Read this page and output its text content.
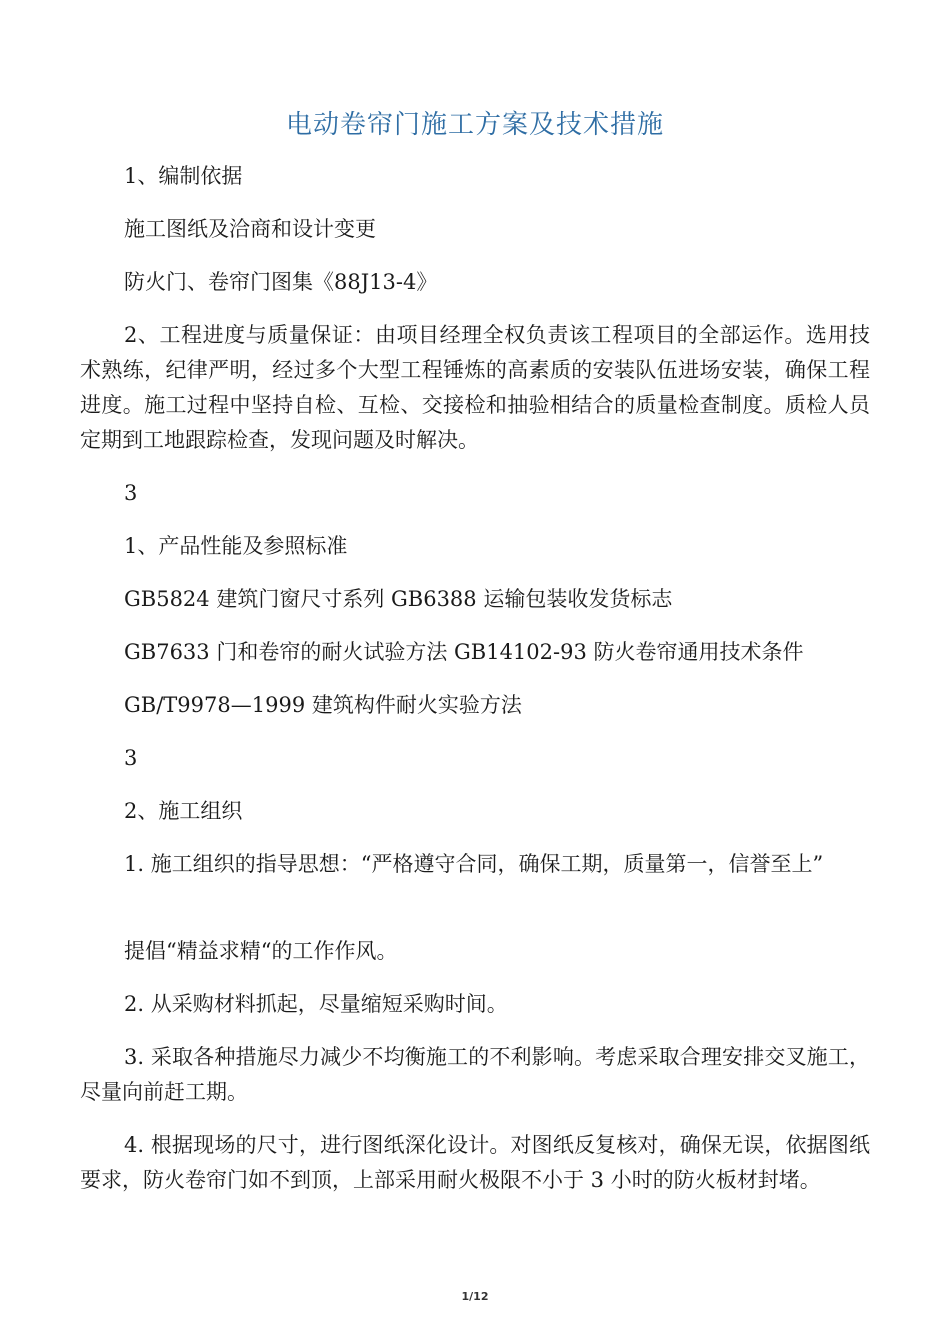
电动卷帘门施工方案及技术措施
1、编制依据
施工图纸及洽商和设计变更
防火门、卷帘门图集《88J13-4》
2、工程进度与质量保证：由项目经理全权负责该工程项目的全部运作。选用技术熟练，纪律严明，经过多个大型工程锤炼的高素质的安装队伍进场安装，确保工程进度。施工过程中坚持自检、互检、交接检和抽验相结合的质量检查制度。质检人员定期到工地跟踪检查，发现问题及时解决。
3
1、产品性能及参照标准
GB5824 建筑门窗尺寸系列 GB6388 运输包装收发货标志
GB7633 门和卷帘的耐火试验方法 GB14102-93 防火卷帘通用技术条件
GB/T9978—1999 建筑构件耐火实验方法
3
2、施工组织
1. 施工组织的指导思想：“严格遵守合同，确保工期，质量第一，信誉至上”
提倡“精益求精“的工作作风。
2. 从采购材料抓起，尽量缩短采购时间。
3. 采取各种措施尽力减少不均衡施工的不利影响。考虑采取合理安排交叉施工，尽量向前赶工期。
4. 根据现场的尺寸，进行图纸深化设计。对图纸反复核对，确保无误，依据图纸要求，防火卷帘门如不到顶，上部采用耐火极限不小于 3 小时的防火板材封堵。
1/12
